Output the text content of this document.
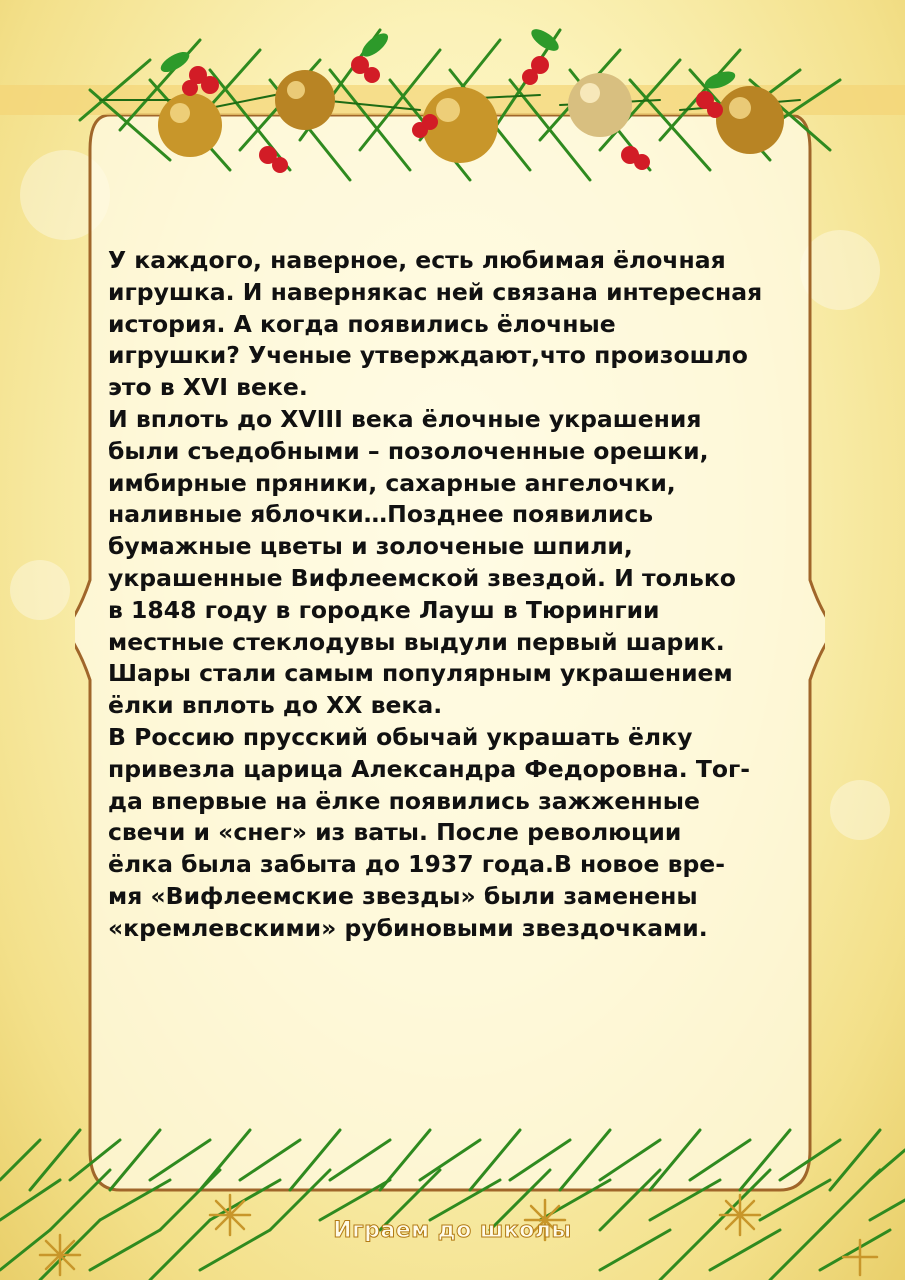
У каждого, наверное, есть любимая ёлочная
игрушка. И навернякас ней связана интересная
история. А когда появились ёлочные
игрушки? Ученые утверждают,что произошло
это в XVI веке.

И вплоть до XVIII века ёлочные украшения
были съедобными – позолоченные орешки,
имбирные пряники, сахарные ангелочки,
наливные яблочки…Позднее появились
бумажные цветы и золоченые шпили,
украшенные Вифлеемской звездой. И только
в 1848 году в городке Лауш в Тюрингии
местные стеклодувы выдули первый шарик.
Шары стали самым популярным украшением
ёлки вплоть до XX века.

В Россию прусский обычай украшать ёлку
привезла царица Александра Федоровна. Тог-
да впервые на ёлке появились зажженные
свечи и «снег» из ваты. После революции
ёлка была забыта до 1937 года.В новое вре-
мя «Вифлеемские звезды» были заменены
«кремлевскими» рубиновыми звездочками.

Играем до школы
